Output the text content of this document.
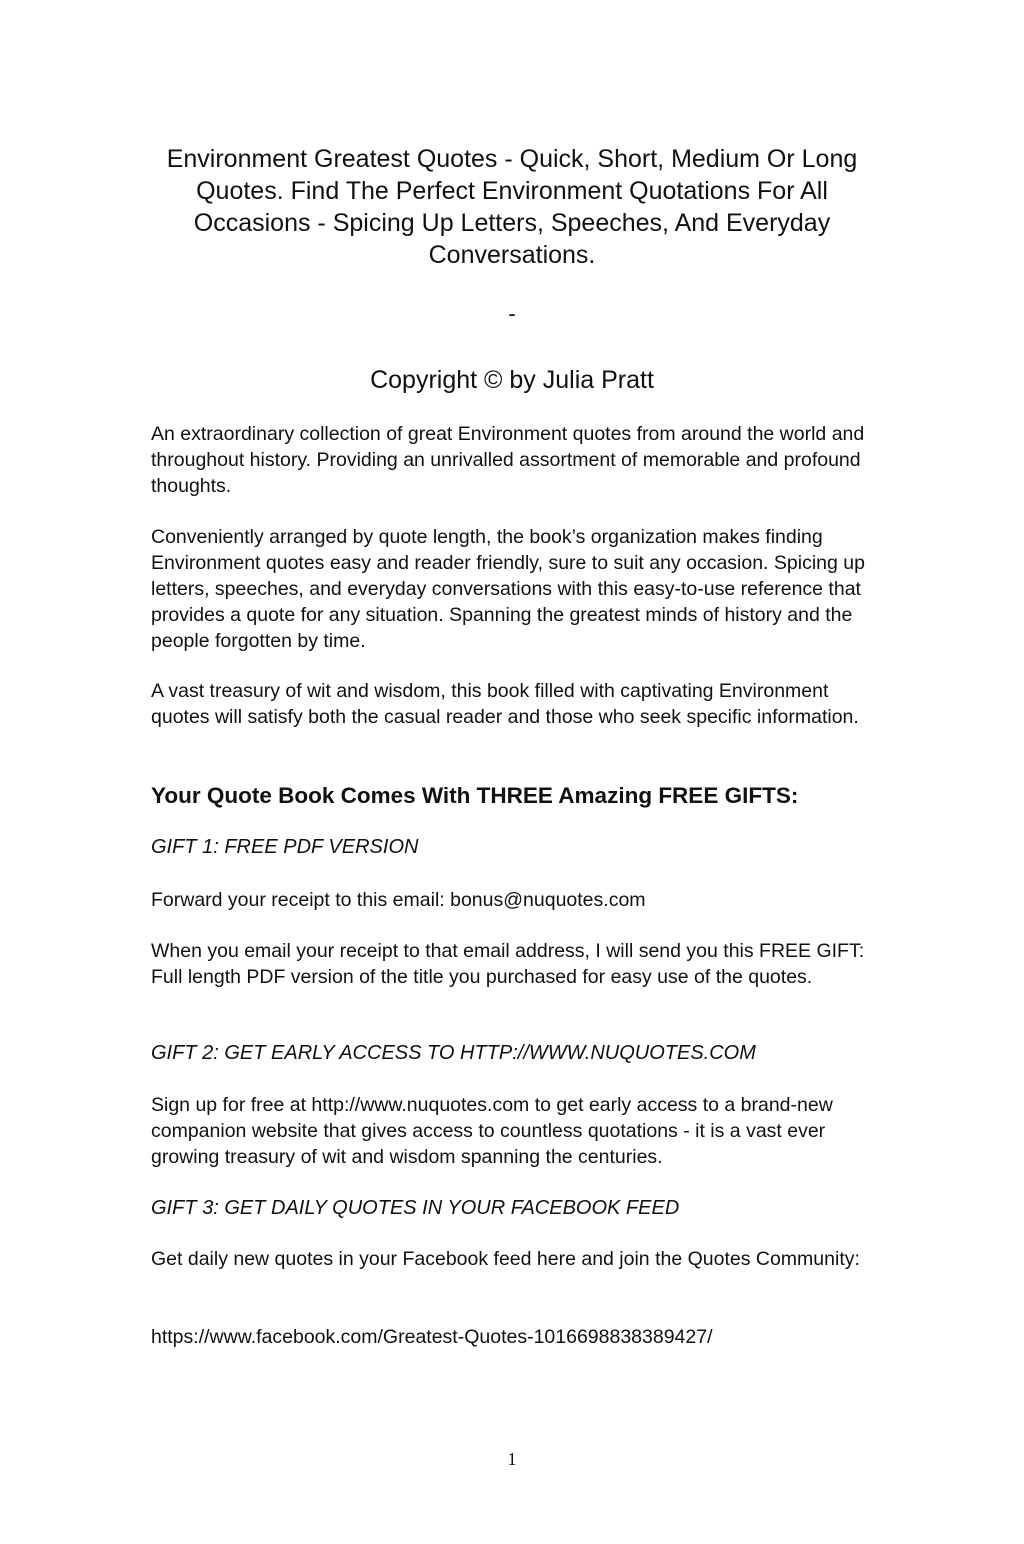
Environment Greatest Quotes - Quick, Short, Medium Or Long Quotes. Find The Perfect Environment Quotations For All Occasions - Spicing Up Letters, Speeches, And Everyday Conversations.
-
Copyright © by Julia Pratt

An extraordinary collection of great Environment quotes from around the world and throughout history. Providing an unrivalled assortment of memorable and profound thoughts.

Conveniently arranged by quote length, the book’s organization makes finding Environment quotes easy and reader friendly, sure to suit any occasion. Spicing up letters, speeches, and everyday conversations with this easy-to-use reference that provides a quote for any situation. Spanning the greatest minds of history and the people forgotten by time.

A vast treasury of wit and wisdom, this book filled with captivating Environment quotes will satisfy both the casual reader and those who seek specific information.

Your Quote Book Comes With THREE Amazing FREE GIFTS:
GIFT 1: FREE PDF VERSION

Forward your receipt to this email: bonus@nuquotes.com

When you email your receipt to that email address, I will send you this FREE GIFT: Full length PDF version of the title you purchased for easy use of the quotes.

GIFT 2: GET EARLY ACCESS TO HTTP://WWW.NUQUOTES.COM

Sign up for free at http://www.nuquotes.com to get early access to a brand-new companion website that gives access to countless quotations - it is a vast ever growing treasury of wit and wisdom spanning the centuries.

GIFT 3: GET DAILY QUOTES IN YOUR FACEBOOK FEED

Get daily new quotes in your Facebook feed here and join the Quotes Community:

https://www.facebook.com/Greatest-Quotes-1016698838389427/
1
